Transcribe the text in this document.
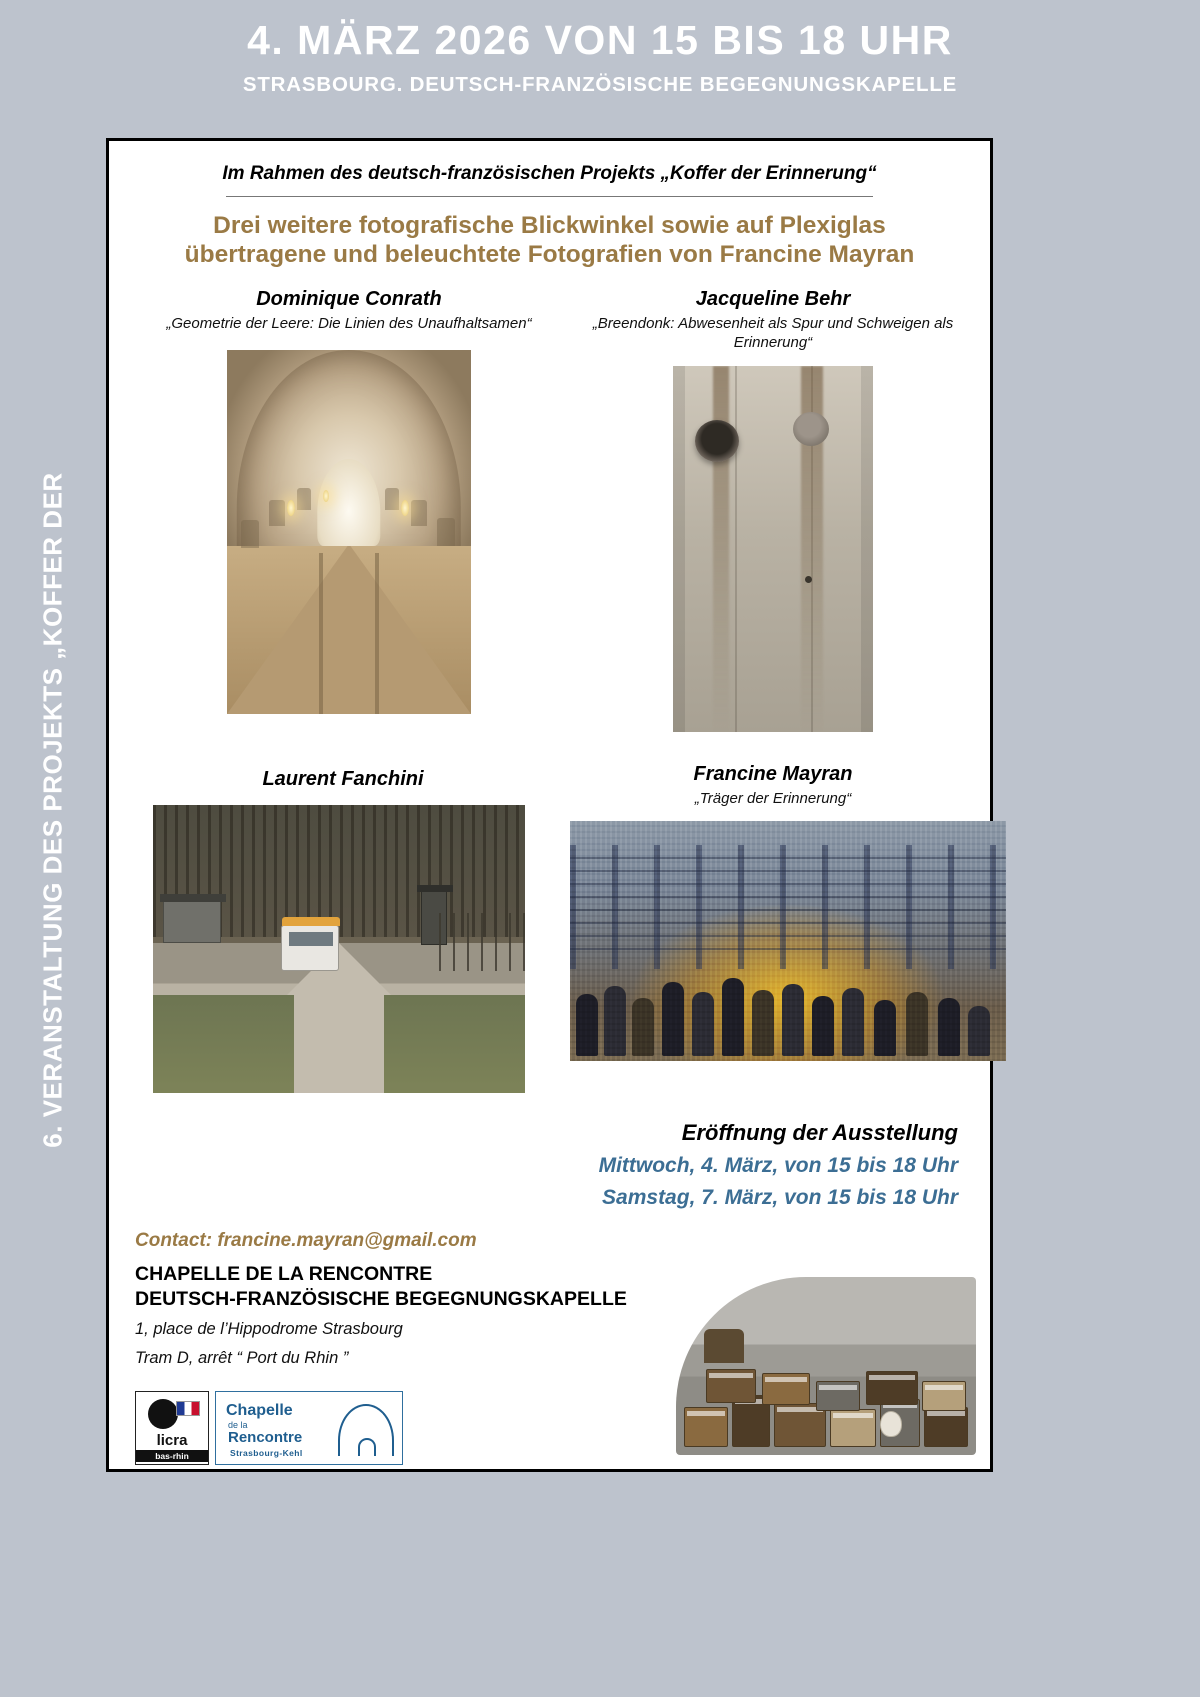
4. MÄRZ 2026 VON 15 BIS 18 UHR
STRASBOURG. DEUTSCH-FRANZÖSISCHE BEGEGNUNGSKAPELLE
6. VERANSTALTUNG DES PROJEKTS „KOFFER DER
Im Rahmen des deutsch-französischen Projekts „Koffer der Erinnerung“
Drei weitere fotografische Blickwinkel sowie auf Plexiglas übertragene und beleuchtete Fotografien von Francine Mayran
Dominique Conrath
„Geometrie der Leere: Die Linien des Unaufhaltsamen“
Jacqueline Behr
„Breendonk: Abwesenheit als Spur und Schweigen als Erinnerung“
Laurent Fanchini	Francine Mayran
„Träger der Erinnerung“
Eröffnung der Ausstellung
Mittwoch, 4. März, von 15 bis 18 Uhr
Samstag, 7. März, von 15 bis 18 Uhr
Contact: francine.mayran@gmail.com
CHAPELLE DE LA RENCONTRE
DEUTSCH-FRANZÖSISCHE BEGEGNUNGSKAPELLE
1, place de l’Hippodrome Strasbourg
Tram D, arrêt “ Port du Rhin ”
licra
bas-rhin
Chapelle
de la
Rencontre
Strasbourg-Kehl
